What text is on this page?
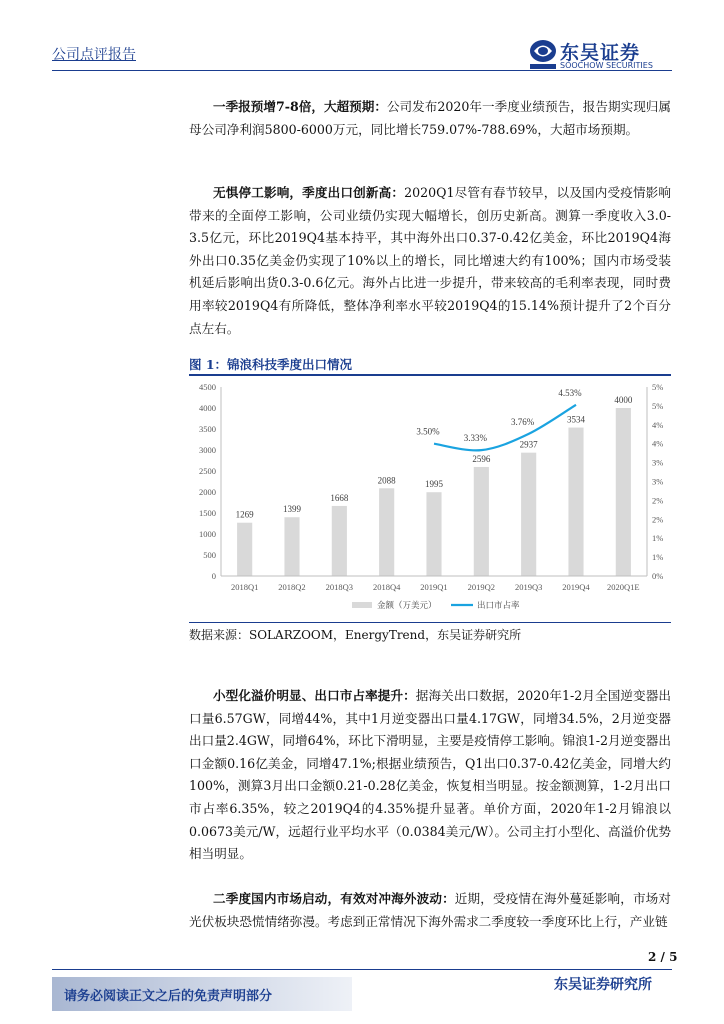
公司点评报告	东吴证券
SOOCHOW SECURITIES

一季报预增7-8倍，大超预期：公司发布2020年一季度业绩预告，报告期实现归属母公司净利润5800-6000万元，同比增长759.07%-788.69%，大超市场预期。

无惧停工影响，季度出口创新高：2020Q1尽管有春节较早，以及国内受疫情影响带来的全面停工影响，公司业绩仍实现大幅增长，创历史新高。测算一季度收入3.0-3.5亿元，环比2019Q4基本持平，其中海外出口0.37-0.42亿美金，环比2019Q4海外出口0.35亿美金仍实现了10%以上的增长，同比增速大约有100%；国内市场受装机延后影响出货0.3-0.6亿元。海外占比进一步提升，带来较高的毛利率表现，同时费用率较2019Q4有所降低，整体净利率水平较2019Q4的15.14%预计提升了2个百分点左右。

图 1：锦浪科技季度出口情况
1269
1399
1668
2088	1995
2596
2937
3534
4000
0
500
1000
1500
2000
2500
3000
3500
4000
4500
0%
1%
1%
2%
2%
3%
3%
4%
4%
5%
5%
2018Q1 2018Q2 2018Q3 2018Q4 2019Q1 2019Q2 2019Q3 2019Q4 2020Q1E
3.50%
3.33%
3.76%
4.53%
金额（万美元）	出口市占率
数据来源：SOLARZOOM，EnergyTrend，东吴证券研究所

小型化溢价明显、出口市占率提升：据海关出口数据，2020年1-2月全国逆变器出口量6.57GW，同增44%，其中1月逆变器出口量4.17GW，同增34.5%，2月逆变器出口量2.4GW，同增64%，环比下滑明显，主要是疫情停工影响。锦浪1-2月逆变器出口金额0.16亿美金，同增47.1%;根据业绩预告，Q1出口0.37-0.42亿美金，同增大约100%，测算3月出口金额0.21-0.28亿美金，恢复相当明显。按金额测算，1-2月出口市占率6.35%，较之2019Q4的4.35%提升显著。单价方面，2020年1-2月锦浪以0.0673美元/W，远超行业平均水平（0.0384美元/W）。公司主打小型化、高溢价优势相当明显。

二季度国内市场启动，有效对冲海外波动：近期，受疫情在海外蔓延影响，市场对光伏板块恐慌情绪弥漫。考虑到正常情况下海外需求二季度较一季度环比上行，产业链

2 / 5
请务必阅读正文之后的免责声明部分
东吴证券研究所
